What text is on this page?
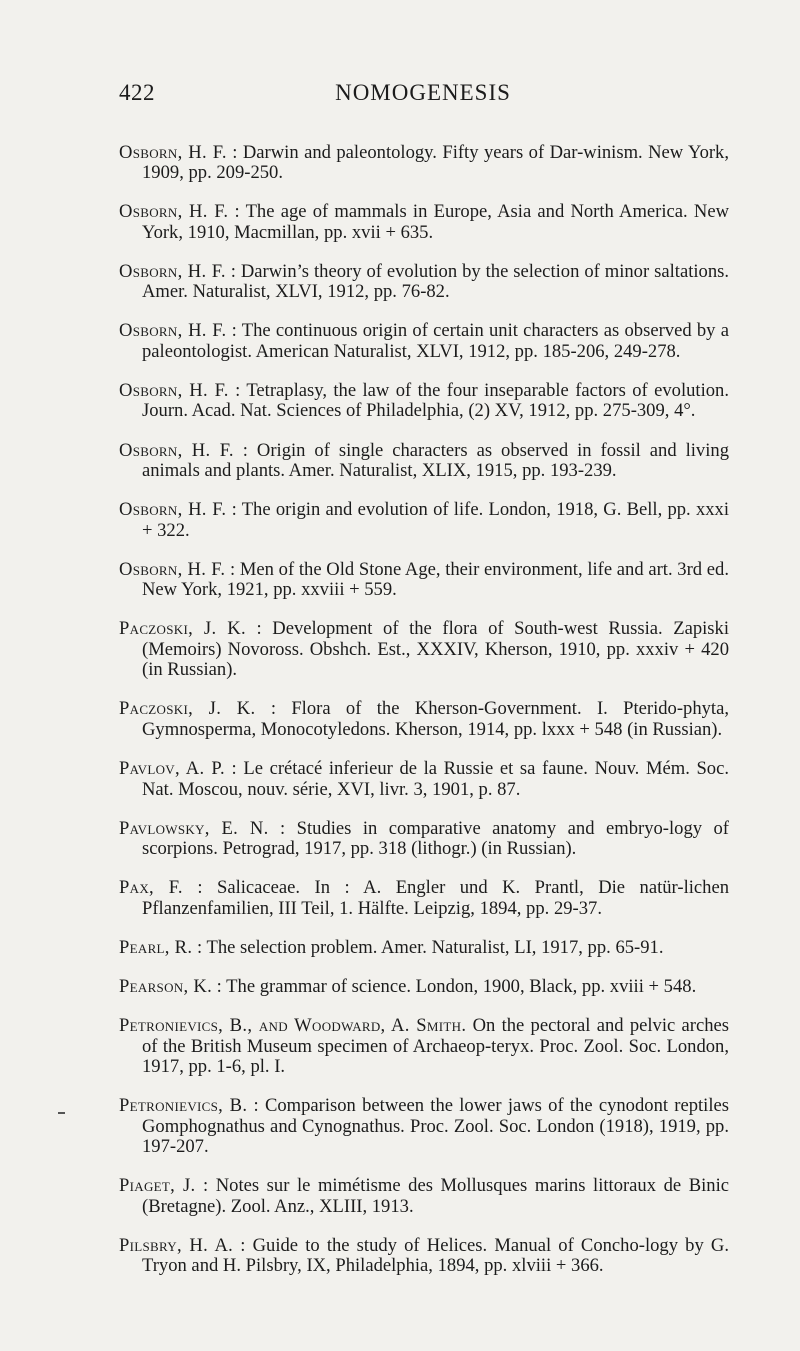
422	NOMOGENESIS

Osborn, H. F. : Darwin and paleontology. Fifty years of Dar-winism. New York, 1909, pp. 209-250.

Osborn, H. F. : The age of mammals in Europe, Asia and North America. New York, 1910, Macmillan, pp. xvii + 635.

Osborn, H. F. : Darwin’s theory of evolution by the selection of minor saltations. Amer. Naturalist, XLVI, 1912, pp. 76-82.

Osborn, H. F. : The continuous origin of certain unit characters as observed by a paleontologist. American Naturalist, XLVI, 1912, pp. 185-206, 249-278.

Osborn, H. F. : Tetraplasy, the law of the four inseparable factors of evolution. Journ. Acad. Nat. Sciences of Philadelphia, (2) XV, 1912, pp. 275-309, 4°.

Osborn, H. F. : Origin of single characters as observed in fossil and living animals and plants. Amer. Naturalist, XLIX, 1915, pp. 193-239.

Osborn, H. F. : The origin and evolution of life. London, 1918, G. Bell, pp. xxxi + 322.

Osborn, H. F. : Men of the Old Stone Age, their environment, life and art. 3rd ed. New York, 1921, pp. xxviii + 559.

Paczoski, J. K. : Development of the flora of South-west Russia. Zapiski (Memoirs) Novoross. Obshch. Est., XXXIV, Kherson, 1910, pp. xxxiv + 420 (in Russian).

Paczoski, J. K. : Flora of the Kherson-Government. I. Pterido-phyta, Gymnosperma, Monocotyledons. Kherson, 1914, pp. lxxx + 548 (in Russian).

Pavlov, A. P. : Le crétacé inferieur de la Russie et sa faune. Nouv. Mém. Soc. Nat. Moscou, nouv. série, XVI, livr. 3, 1901, p. 87.

Pavlowsky, E. N. : Studies in comparative anatomy and embryo-logy of scorpions. Petrograd, 1917, pp. 318 (lithogr.) (in Russian).

Pax, F. : Salicaceae. In : A. Engler und K. Prantl, Die natür-lichen Pflanzenfamilien, III Teil, 1. Hälfte. Leipzig, 1894, pp. 29-37.

Pearl, R. : The selection problem. Amer. Naturalist, LI, 1917, pp. 65-91.

Pearson, K. : The grammar of science. London, 1900, Black, pp. xviii + 548.

Petronievics, B., and Woodward, A. Smith. On the pectoral and pelvic arches of the British Museum specimen of Archaeop-teryx. Proc. Zool. Soc. London, 1917, pp. 1-6, pl. I.

Petronievics, B. : Comparison between the lower jaws of the cynodont reptiles Gomphognathus and Cynognathus. Proc. Zool. Soc. London (1918), 1919, pp. 197-207.

Piaget, J. : Notes sur le mimétisme des Mollusques marins littoraux de Binic (Bretagne). Zool. Anz., XLIII, 1913.

Pilsbry, H. A. : Guide to the study of Helices. Manual of Concho-logy by G. Tryon and H. Pilsbry, IX, Philadelphia, 1894, pp. xlviii + 366.
